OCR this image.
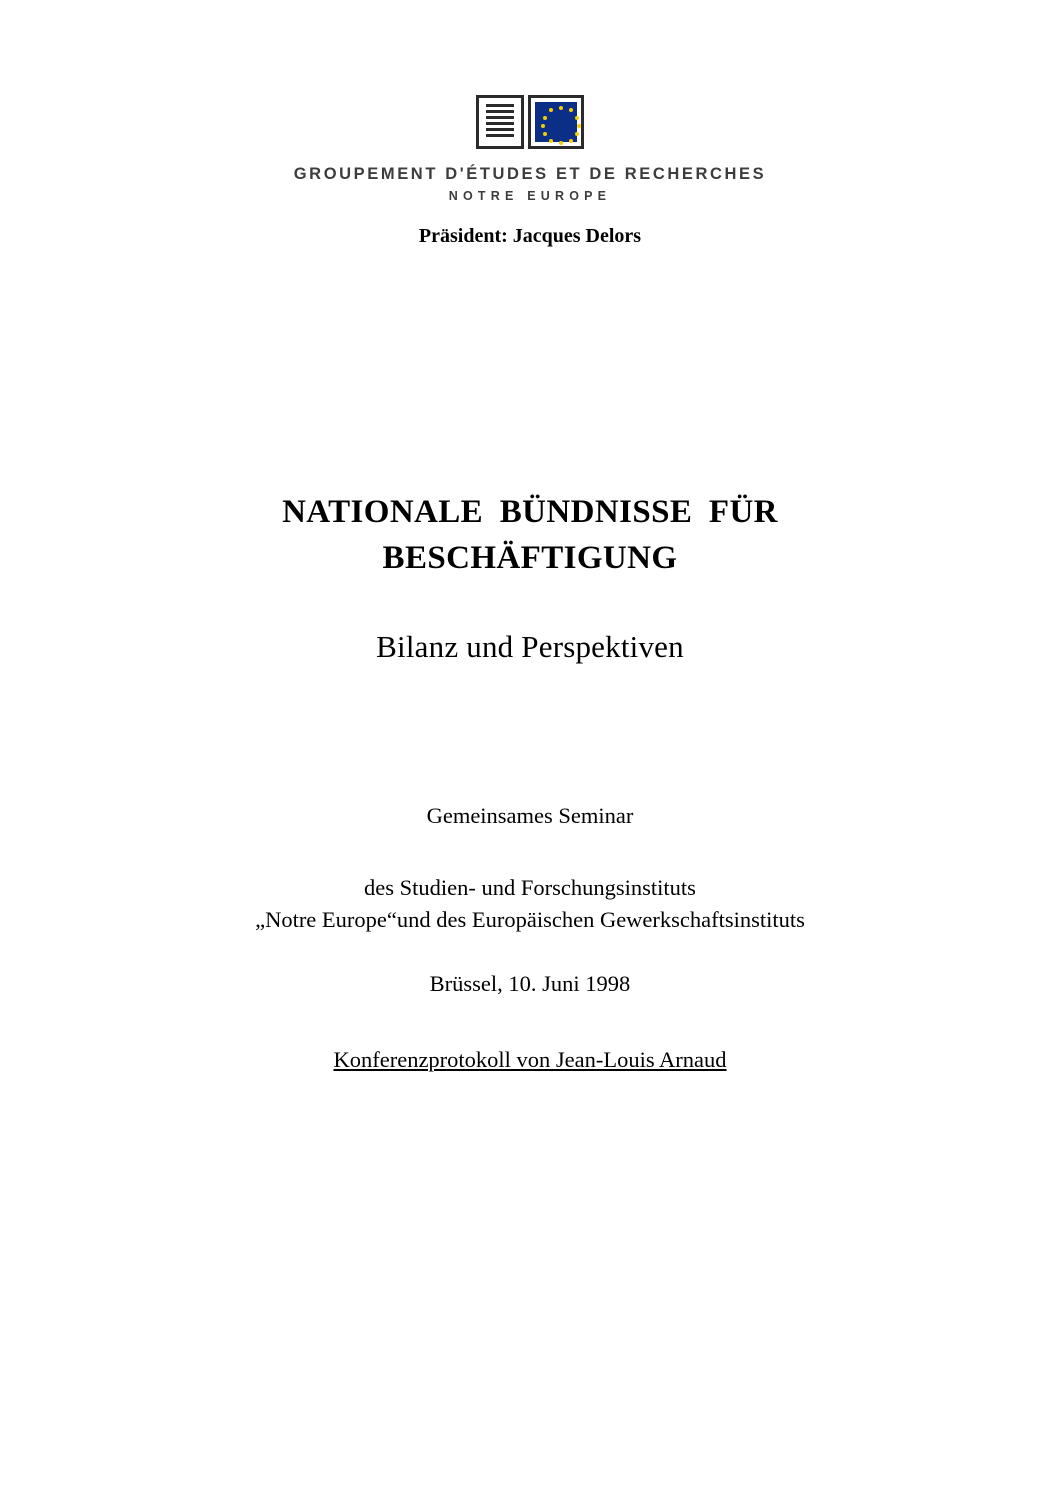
GROUPEMENT D'ÉTUDES ET DE RECHERCHES
NOTRE EUROPE
Präsident: Jacques Delors
NATIONALE BÜNDNISSE FÜR BESCHÄFTIGUNG
Bilanz und Perspektiven

Gemeinsames Seminar

des Studien- und Forschungsinstituts

„Notre Europe“und des Europäischen Gewerkschaftsinstituts

Brüssel, 10. Juni 1998

Konferenzprotokoll von Jean-Louis Arnaud
